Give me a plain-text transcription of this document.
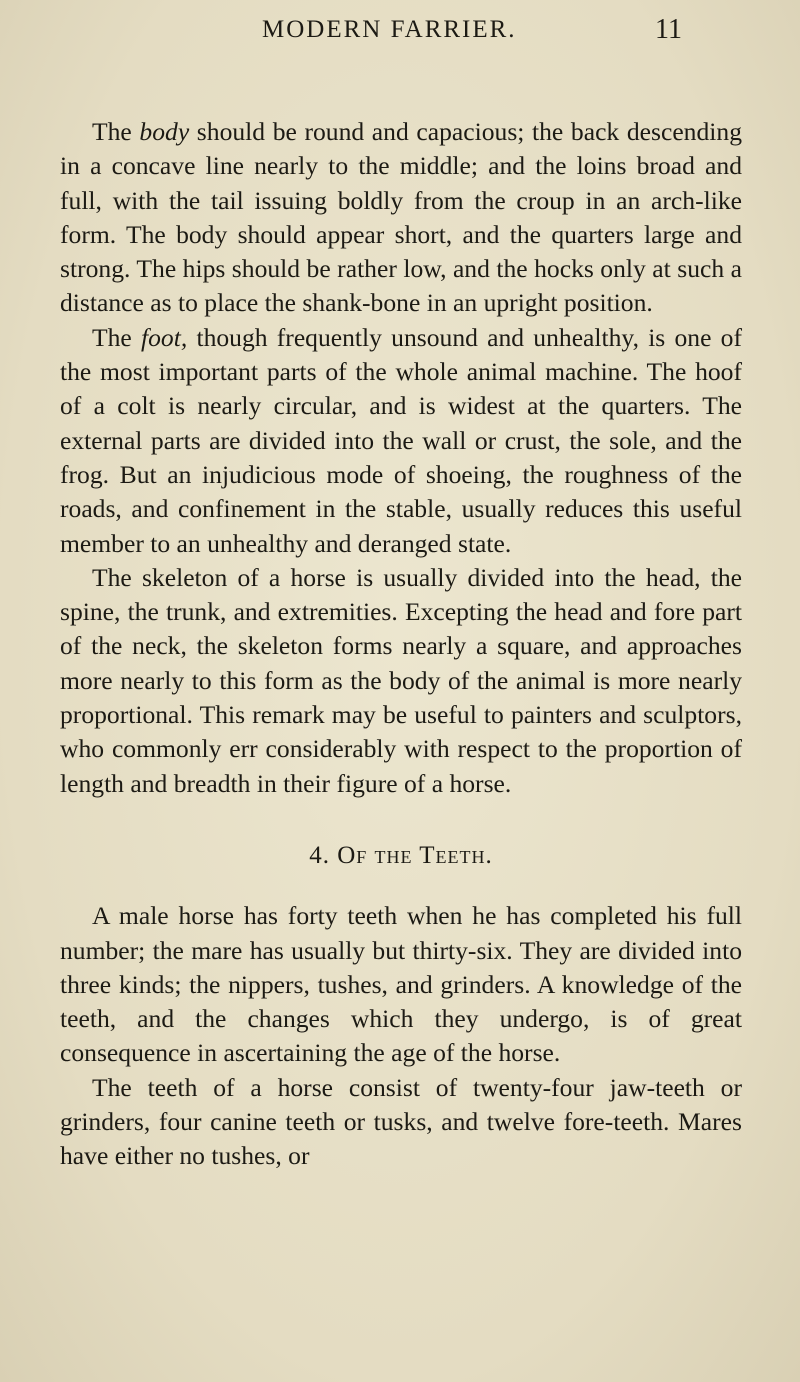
MODERN FARRIER.	11

The body should be round and capacious; the back descending in a concave line nearly to the middle; and the loins broad and full, with the tail issuing boldly from the croup in an arch-like form. The body should appear short, and the quarters large and strong. The hips should be rather low, and the hocks only at such a distance as to place the shank-bone in an upright position.

The foot, though frequently unsound and unhealthy, is one of the most important parts of the whole animal machine. The hoof of a colt is nearly circular, and is widest at the quarters. The external parts are divided into the wall or crust, the sole, and the frog. But an injudicious mode of shoeing, the roughness of the roads, and confinement in the stable, usually reduces this useful member to an unhealthy and deranged state.

The skeleton of a horse is usually divided into the head, the spine, the trunk, and extremities. Excepting the head and fore part of the neck, the skeleton forms nearly a square, and approaches more nearly to this form as the body of the animal is more nearly proportional. This remark may be useful to painters and sculptors, who commonly err considerably with respect to the proportion of length and breadth in their figure of a horse.

4. Of the Teeth.

A male horse has forty teeth when he has completed his full number; the mare has usually but thirty-six. They are divided into three kinds; the nippers, tushes, and grinders. A knowledge of the teeth, and the changes which they undergo, is of great consequence in ascertaining the age of the horse.

The teeth of a horse consist of twenty-four jaw-teeth or grinders, four canine teeth or tusks, and twelve fore-teeth. Mares have either no tushes, or
